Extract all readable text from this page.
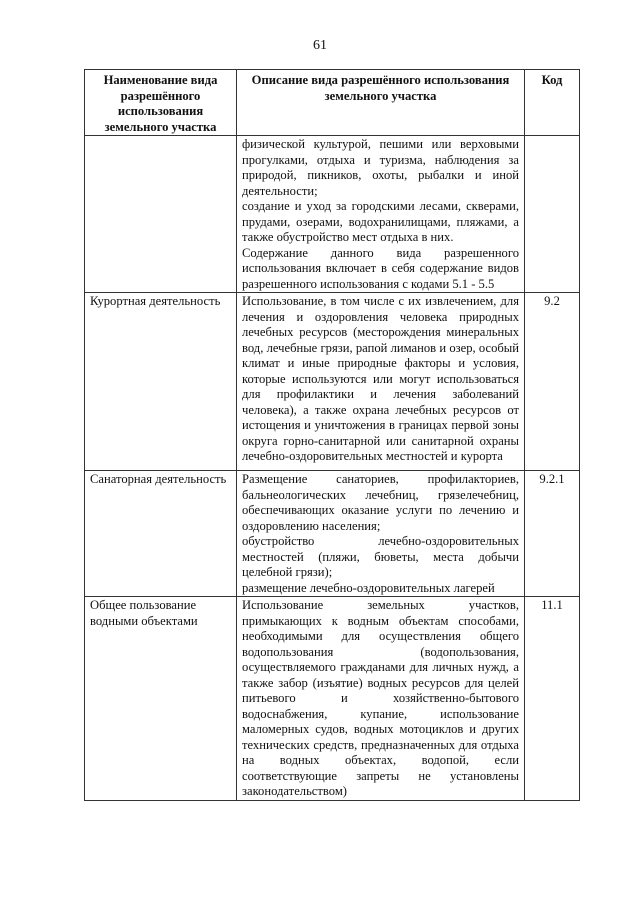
61
Наименование вида разрешённого использования земельного участка	Описание вида разрешённого использования земельного участка	Код

	физической культурой, пешими или верховыми прогулками, отдыха и туризма, наблюдения за природой, пикников, охоты, рыбалки и иной деятельности;

создание и уход за городскими лесами, скверами, прудами, озерами, водохранилищами, пляжами, а также обустройство мест отдыха в них.

Содержание данного вида разрешенного использования включает в себя содержание видов разрешенного использования с кодами 5.1 - 5.5	

Курортная деятельность	Использование, в том числе с их извлечением, для лечения и оздоровления человека природных лечебных ресурсов (месторождения минеральных вод, лечебные грязи, рапой лиманов и озер, особый климат и иные природные факторы и условия, которые используются или могут использоваться для профилактики и лечения заболеваний человека), а также охрана лечебных ресурсов от истощения и уничтожения в границах первой зоны округа горно-санитарной или санитарной охраны лечебно-оздоровительных местностей и курорта	9.2
Санаторная деятельность	Размещение санаториев, профилакториев, бальнеологических лечебниц, грязелечебниц, обеспечивающих оказание услуги по лечению и оздоровлению населения;

обустройство лечебно-оздоровительных местностей (пляжи, бюветы, места добычи целебной грязи);

размещение лечебно-оздоровительных лагерей	9.2.1
Общее пользование водными объектами	Использование земельных участков, примыкающих к водным объектам способами, необходимыми для осуществления общего водопользования (водопользования, осуществляемого гражданами для личных нужд, а также забор (изъятие) водных ресурсов для целей питьевого и хозяйственно-бытового водоснабжения, купание, использование маломерных судов, водных мотоциклов и других технических средств, предназначенных для отдыха на водных объектах, водопой, если соответствующие запреты не установлены законодательством)	11.1
